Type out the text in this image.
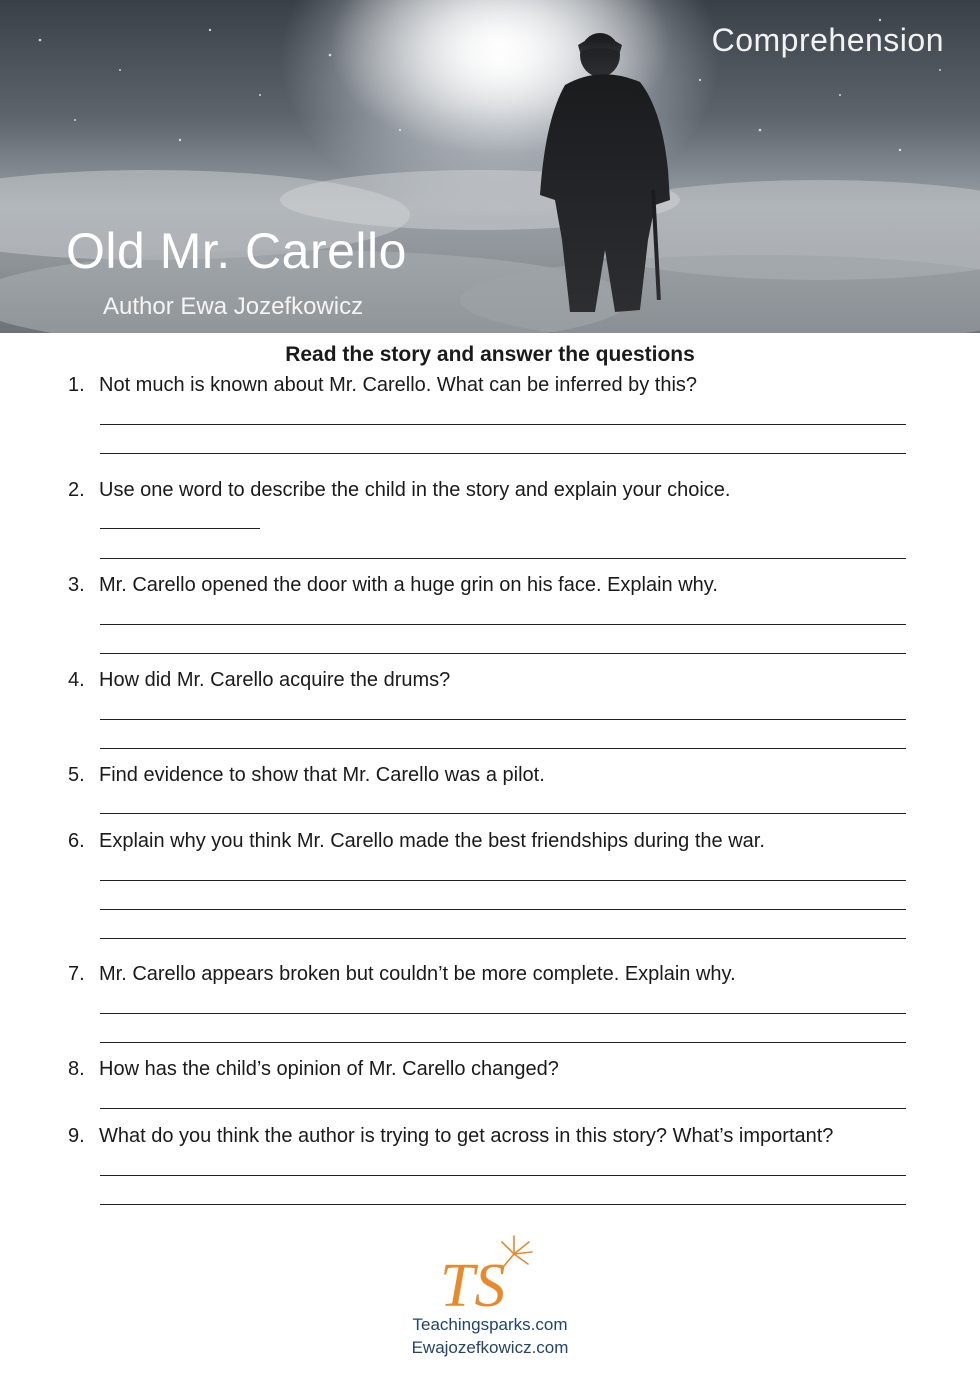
Comprehension
Old Mr. Carello
Author Ewa Jozefkowicz
Read the story and answer the questions
1. Not much is known about Mr. Carello. What can be inferred by this?
2. Use one word to describe the child in the story and explain your choice.
3. Mr. Carello opened the door with a huge grin on his face. Explain why.
4. How did Mr. Carello acquire the drums?
5. Find evidence to show that Mr. Carello was a pilot.
6. Explain why you think Mr. Carello made the best friendships during the war.
7. Mr. Carello appears broken but couldn’t be more complete. Explain why.
8. How has the child’s opinion of Mr. Carello changed?
9. What do you think the author is trying to get across in this story? What’s important?
TS
Teachingsparks.com
Ewajozefkowicz.com
